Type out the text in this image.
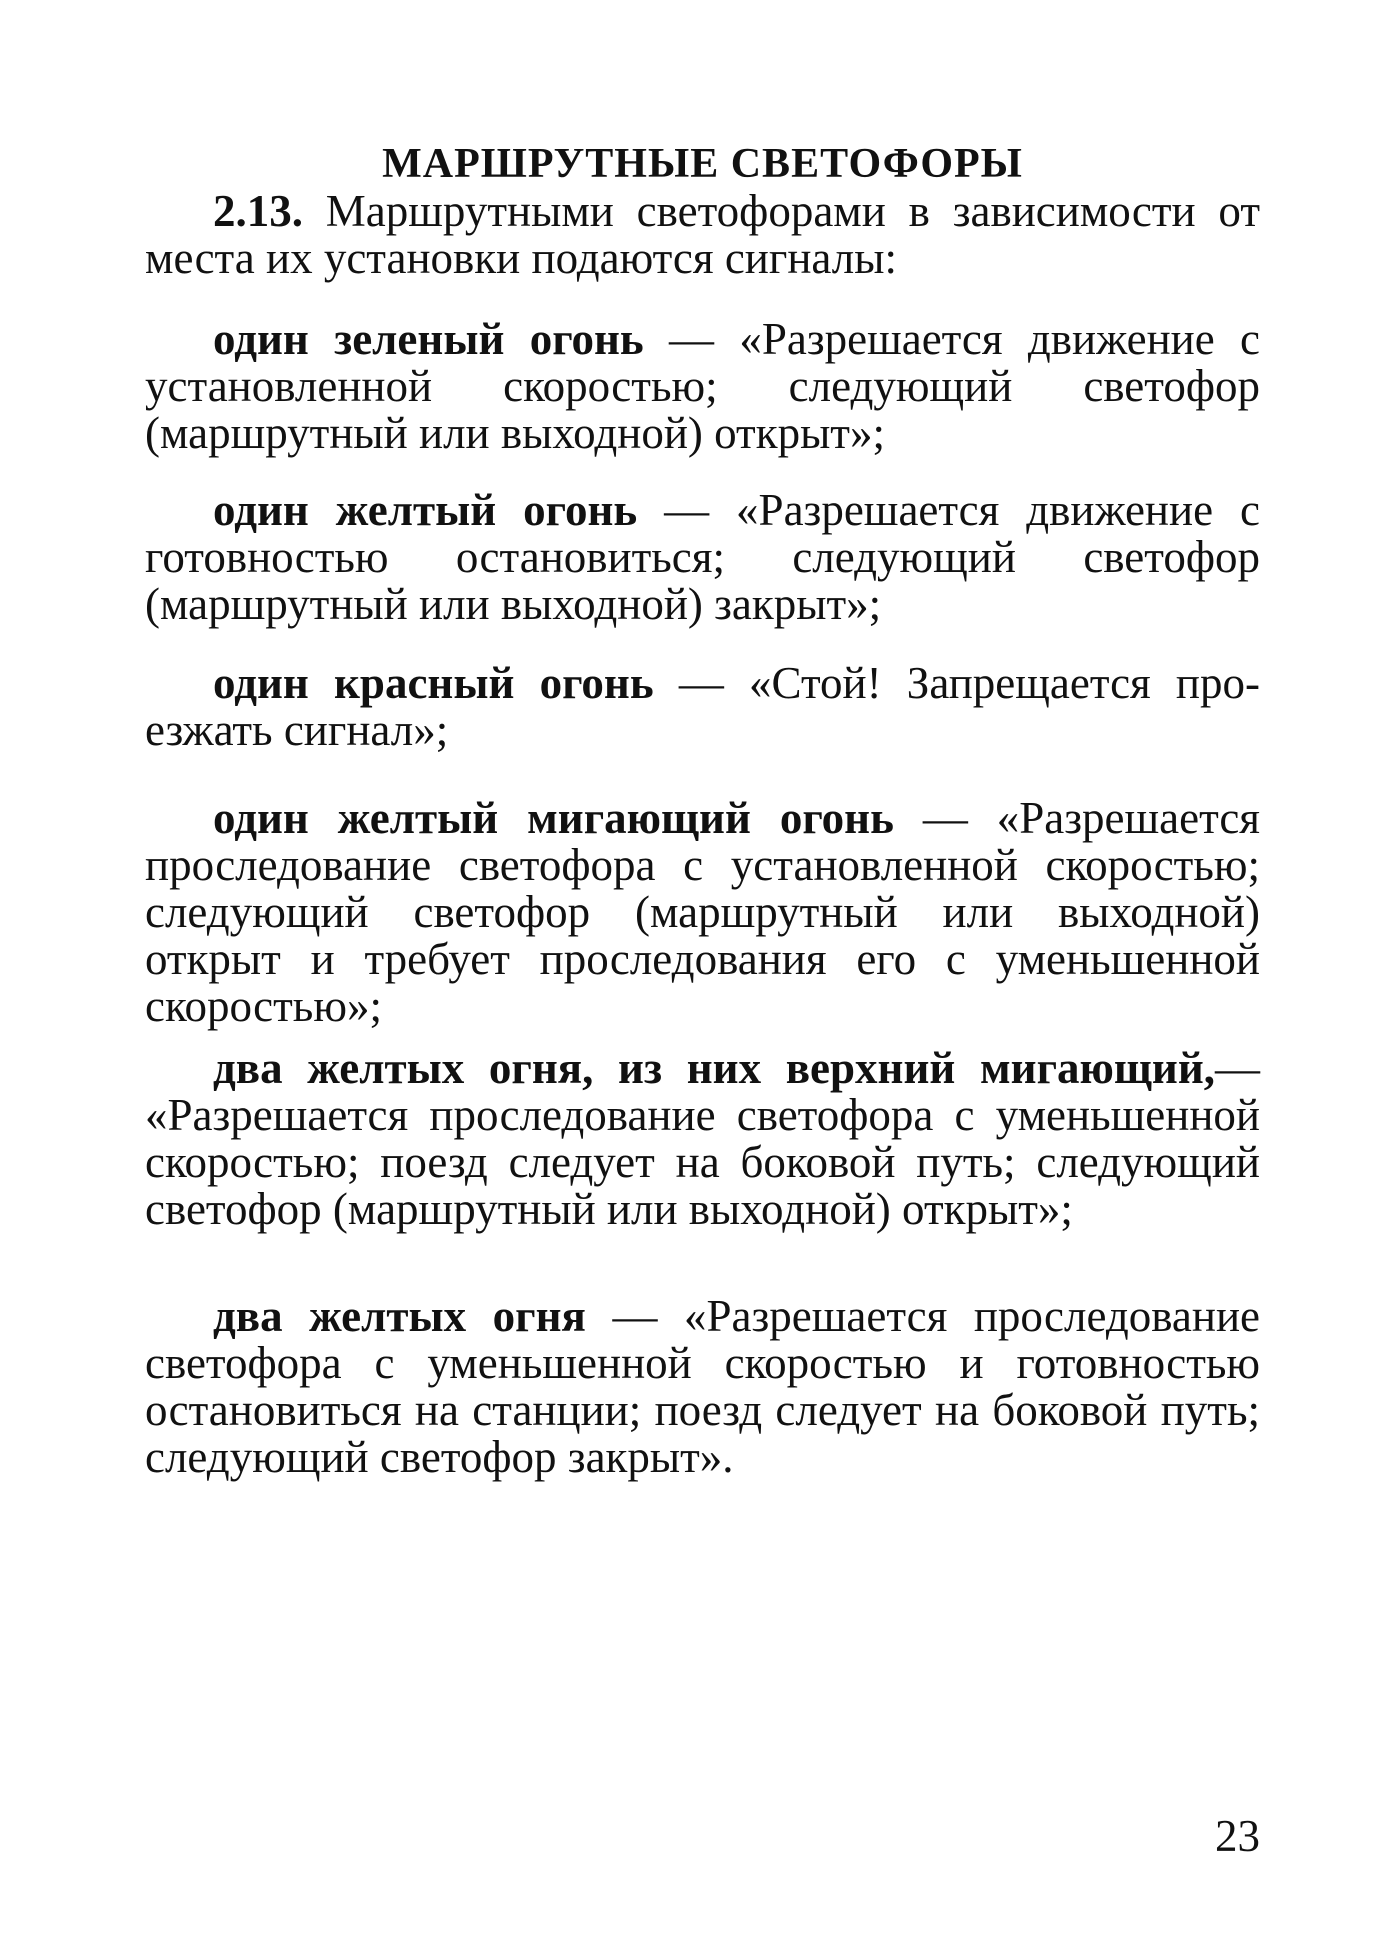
МАРШРУТНЫЕ СВЕТОФОРЫ

2.13. Маршрутными светофорами в зависимости от места их установки подаются сигналы:

один зеленый огонь — «Разрешается движение с установленной скоростью; следующий светофор (маршрутный или выходной) открыт»;

один желтый огонь — «Разрешается движение с готовностью остановиться; следующий светофор (маршрутный или выходной) закрыт»;

один красный огонь — «Стой! Запрещается проезжать сигнал»;

один желтый мигающий огонь — «Разрешается проследование светофора с установленной скоростью; следующий светофор (маршрутный или выходной) открыт и требует проследования его с уменьшенной скоростью»;

два желтых огня, из них верхний мигающий,— «Разрешается проследование светофора с уменьшенной скоростью; поезд следует на боковой путь; следующий светофор (маршрутный или выходной) открыт»;

два желтых огня — «Разрешается проследование светофора с уменьшенной скоростью и готовностью остановиться на станции; поезд следует на боковой путь; следующий светофор закрыт».

23
